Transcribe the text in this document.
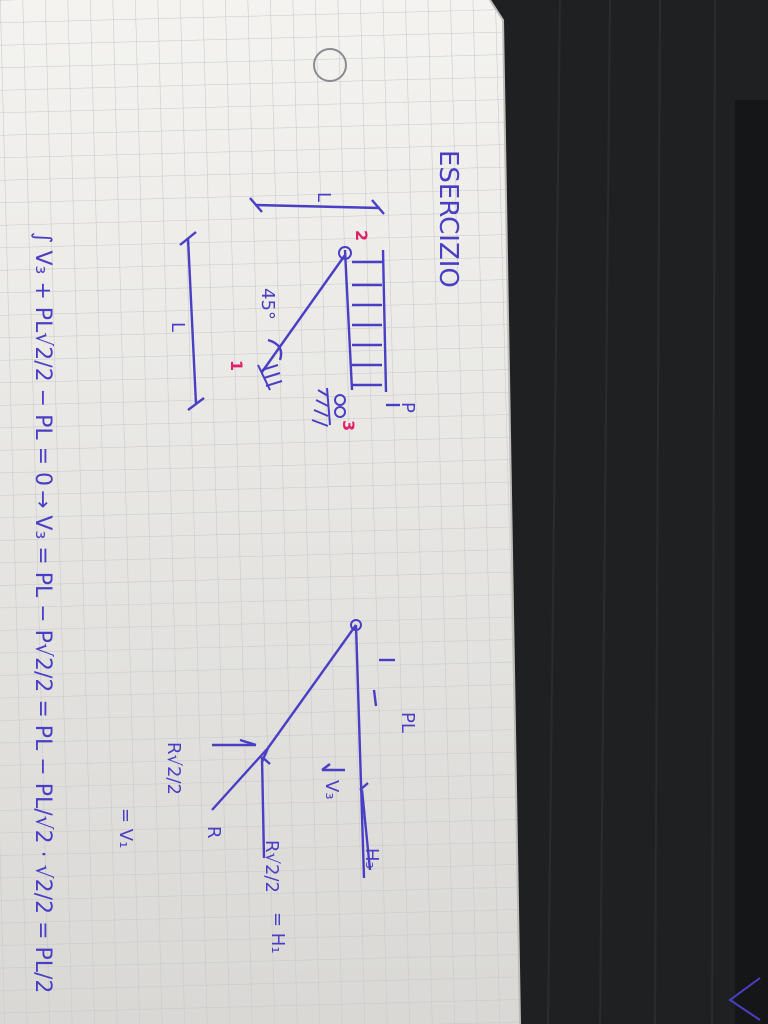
ESERCIZIO
L
L
45°
P
2
1
3
PL
H₃
V₃
R
R√2/2
= H₁
R√2/2
= V₁
∫ V₃ + PL√2/2 − PL = 0
→ V₃ = PL − P√2/2 = PL − PL/√2 · √2/2 = PL/2
